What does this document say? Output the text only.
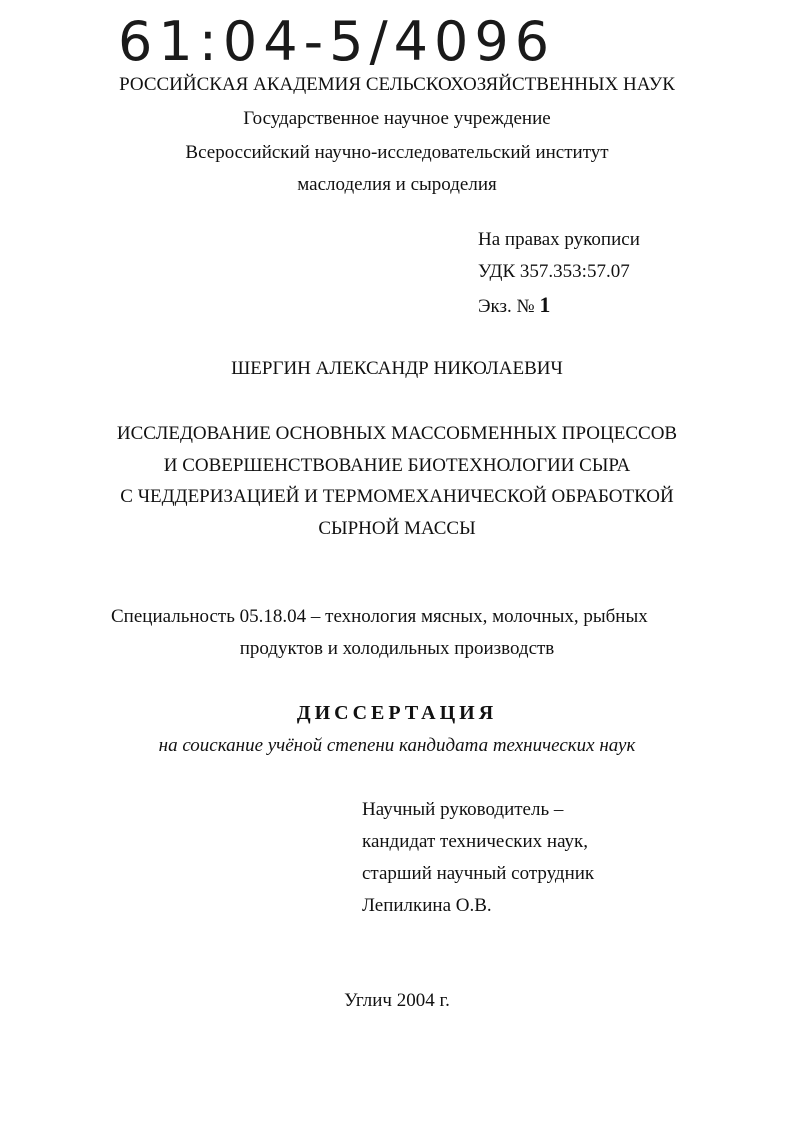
61:04-5/4096
РОССИЙСКАЯ АКАДЕМИЯ СЕЛЬСКОХОЗЯЙСТВЕННЫХ НАУК
Государственное научное учреждение
Всероссийский научно-исследовательский институт
маслоделия и сыроделия
На правах рукописи
УДК 357.353:57.07
Экз. № 1
ШЕРГИН АЛЕКСАНДР НИКОЛАЕВИЧ
ИССЛЕДОВАНИЕ ОСНОВНЫХ МАССОБМЕННЫХ ПРОЦЕССОВ
И СОВЕРШЕНСТВОВАНИЕ БИОТЕХНОЛОГИИ СЫРА
С ЧЕДДЕРИЗАЦИЕЙ И ТЕРМОМЕХАНИЧЕСКОЙ ОБРАБОТКОЙ
СЫРНОЙ МАССЫ
Специальность 05.18.04 – технология мясных, молочных, рыбных
продуктов и холодильных производств
ДИССЕРТАЦИЯ
на соискание учёной степени кандидата технических наук
Научный руководитель –
кандидат технических наук,
старший научный сотрудник
Лепилкина О.В.
Углич 2004 г.
